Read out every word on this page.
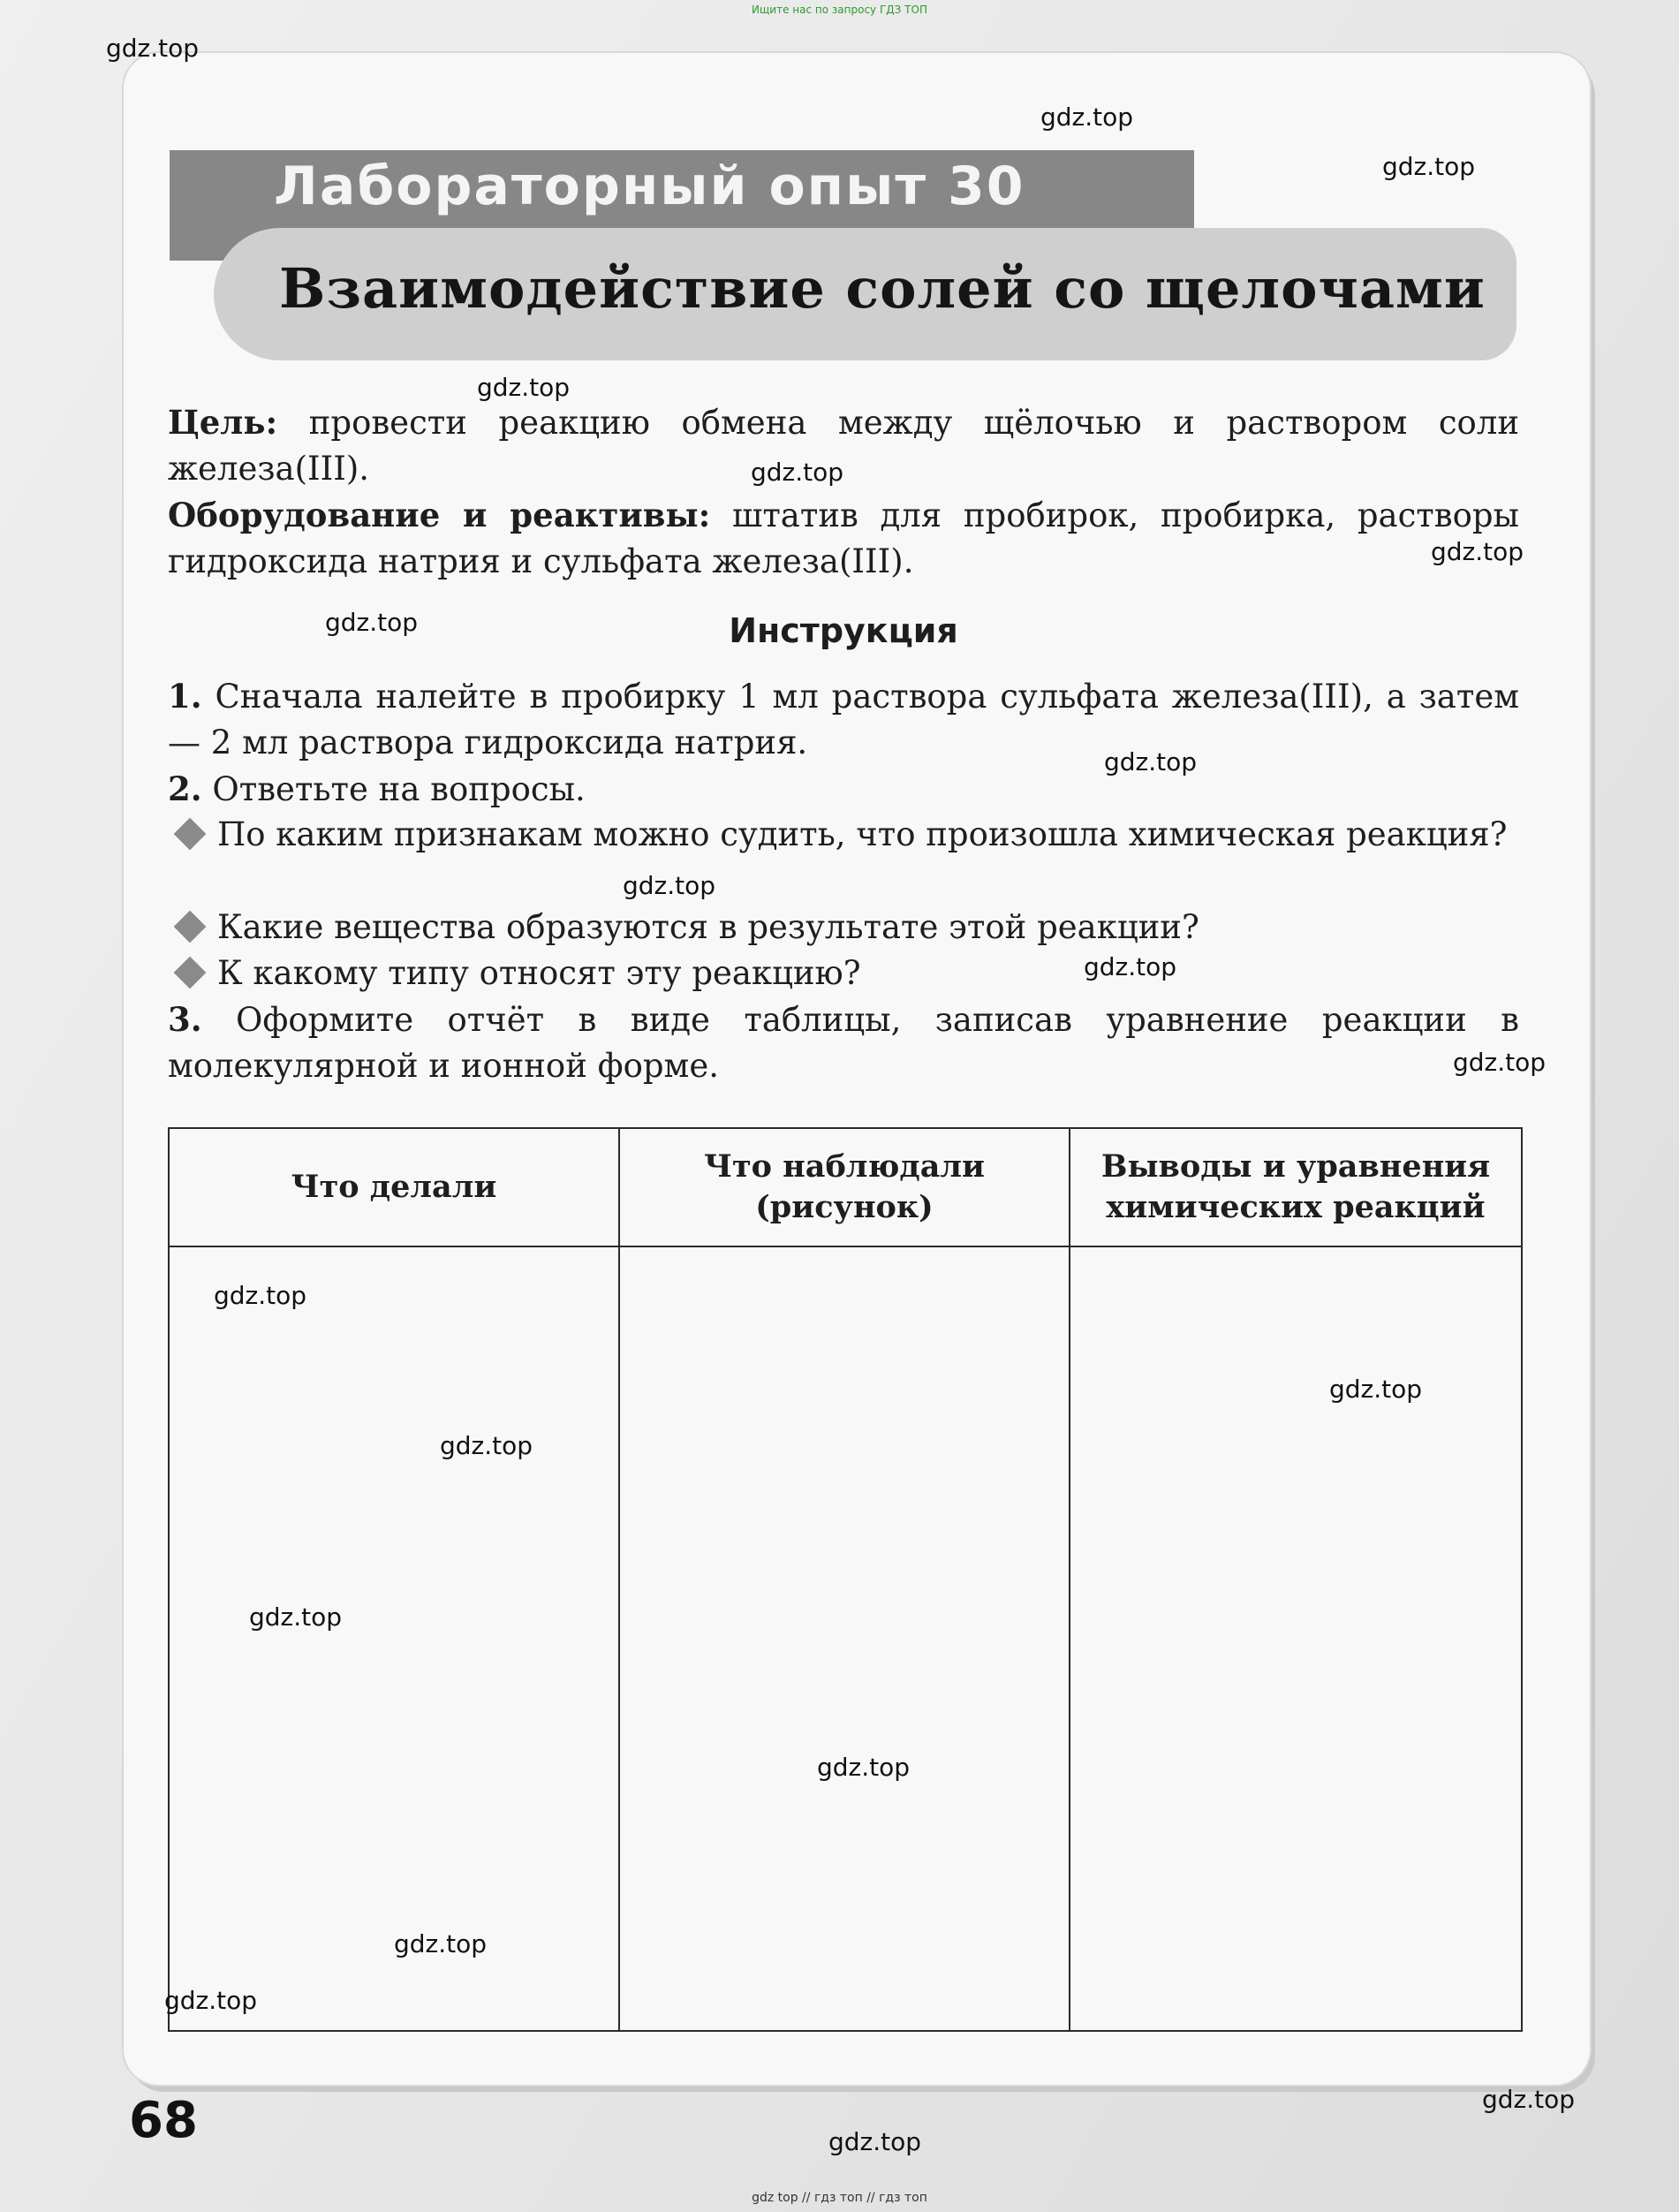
Ищите нас по запросу ГДЗ ТОП
Лабораторный опыт 30
Взаимодействие солей со щелочами
Цель: провести реакцию обмена между щёлочью и раствором соли железа(III).
Оборудование и реактивы: штатив для пробирок, пробирка, растворы гидроксида натрия и сульфата железа(III).
Инструкция
1. Сначала налейте в пробирку 1 мл раствора сульфата железа(III), а затем — 2 мл раствора гидроксида натрия.
2. Ответьте на вопросы.
По каким признакам можно судить, что произошла химическая реакция?
Какие вещества образуются в результате этой реакции?
К какому типу относят эту реакцию?
3. Оформите отчёт в виде таблицы, записав уравнение реакции в молекулярной и ионной форме.
Что делали	Что наблюдали (рисунок)	Выводы и уравнения химических реакций

68
gdz.top
gdz.top
gdz.top
gdz.top
gdz.top
gdz.top
gdz.top
gdz.top
gdz.top
gdz.top
gdz.top
gdz.top
gdz.top
gdz.top
gdz.top
gdz.top
gdz.top
gdz.top
gdz.top
gdz.top
gdz top // гдз топ // гдз топ
